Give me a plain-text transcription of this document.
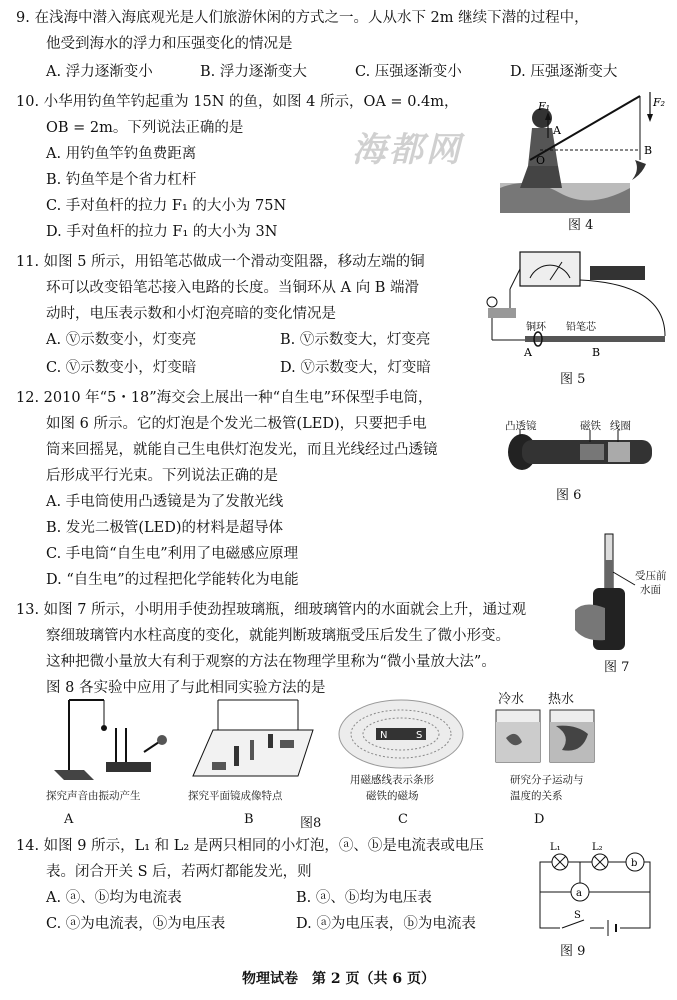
9. 在浅海中潜入海底观光是人们旅游休闲的方式之一。人从水下 2m 继续下潜的过程中，
他受到海水的浮力和压强变化的情况是
A. 浮力逐渐变小	B. 浮力逐渐变大	C. 压强逐渐变小	D. 压强逐渐变大
10. 小华用钓鱼竿钓起重为 15N 的鱼，如图 4 所示，OA = 0.4m，
OB = 2m。下列说法正确的是
A. 用钓鱼竿钓鱼费距离
B. 钓鱼竿是个省力杠杆
C. 手对鱼杆的拉力 F₁ 的大小为 75N
D. 手对鱼杆的拉力 F₁ 的大小为 3N
海都网
F₁
A
F₂
B
O
图 4
11. 如图 5 所示，用铅笔芯做成一个滑动变阻器，移动左端的铜
环可以改变铅笔芯接入电路的长度。当铜环从 A 向 B 端滑
动时，电压表示数和小灯泡亮暗的变化情况是
A. Ⓥ示数变小，灯变亮	B. Ⓥ示数变大，灯变亮
C. Ⓥ示数变小，灯变暗	D. Ⓥ示数变大，灯变暗
铜环 铅笔芯
A	B
图 5
12. 2010 年“5・18”海交会上展出一种“自生电”环保型手电筒，
如图 6 所示。它的灯泡是个发光二极管(LED)，只要把手电
筒来回摇晃，就能自己生电供灯泡发光，而且光线经过凸透镜
后形成平行光束。下列说法正确的是
A. 手电筒使用凸透镜是为了发散光线
B. 发光二极管(LED)的材料是超导体
C. 手电筒“自生电”利用了电磁感应原理
D. “自生电”的过程把化学能转化为电能
凸透镜	磁铁 线圈
图 6
受压前
水面
图 7
13. 如图 7 所示，小明用手使劲捏玻璃瓶，细玻璃管内的水面就会上升，通过观
察细玻璃管内水柱高度的变化，就能判断玻璃瓶受压后发生了微小形变。
这种把微小量放大有利于观察的方法在物理学里称为“微小量放大法”。
图 8 各实验中应用了与此相同实验方法的是
探究声音由振动产生
A
探究平面镜成像特点
B
N	S
用磁感线表示条形
磁铁的磁场
C
冷水 热水
研究分子运动与
温度的关系
D
图8
14. 如图 9 所示，L₁ 和 L₂ 是两只相同的小灯泡，ⓐ、ⓑ是电流表或电压
表。闭合开关 S 后，若两灯都能发光，则
A. ⓐ、ⓑ均为电流表	B. ⓐ、ⓑ均为电压表
C. ⓐ为电流表，ⓑ为电压表	D. ⓐ为电压表，ⓑ为电流表
L₁	L₂
b
a
S
图 9
物理试卷　第 2 页（共 6 页）
